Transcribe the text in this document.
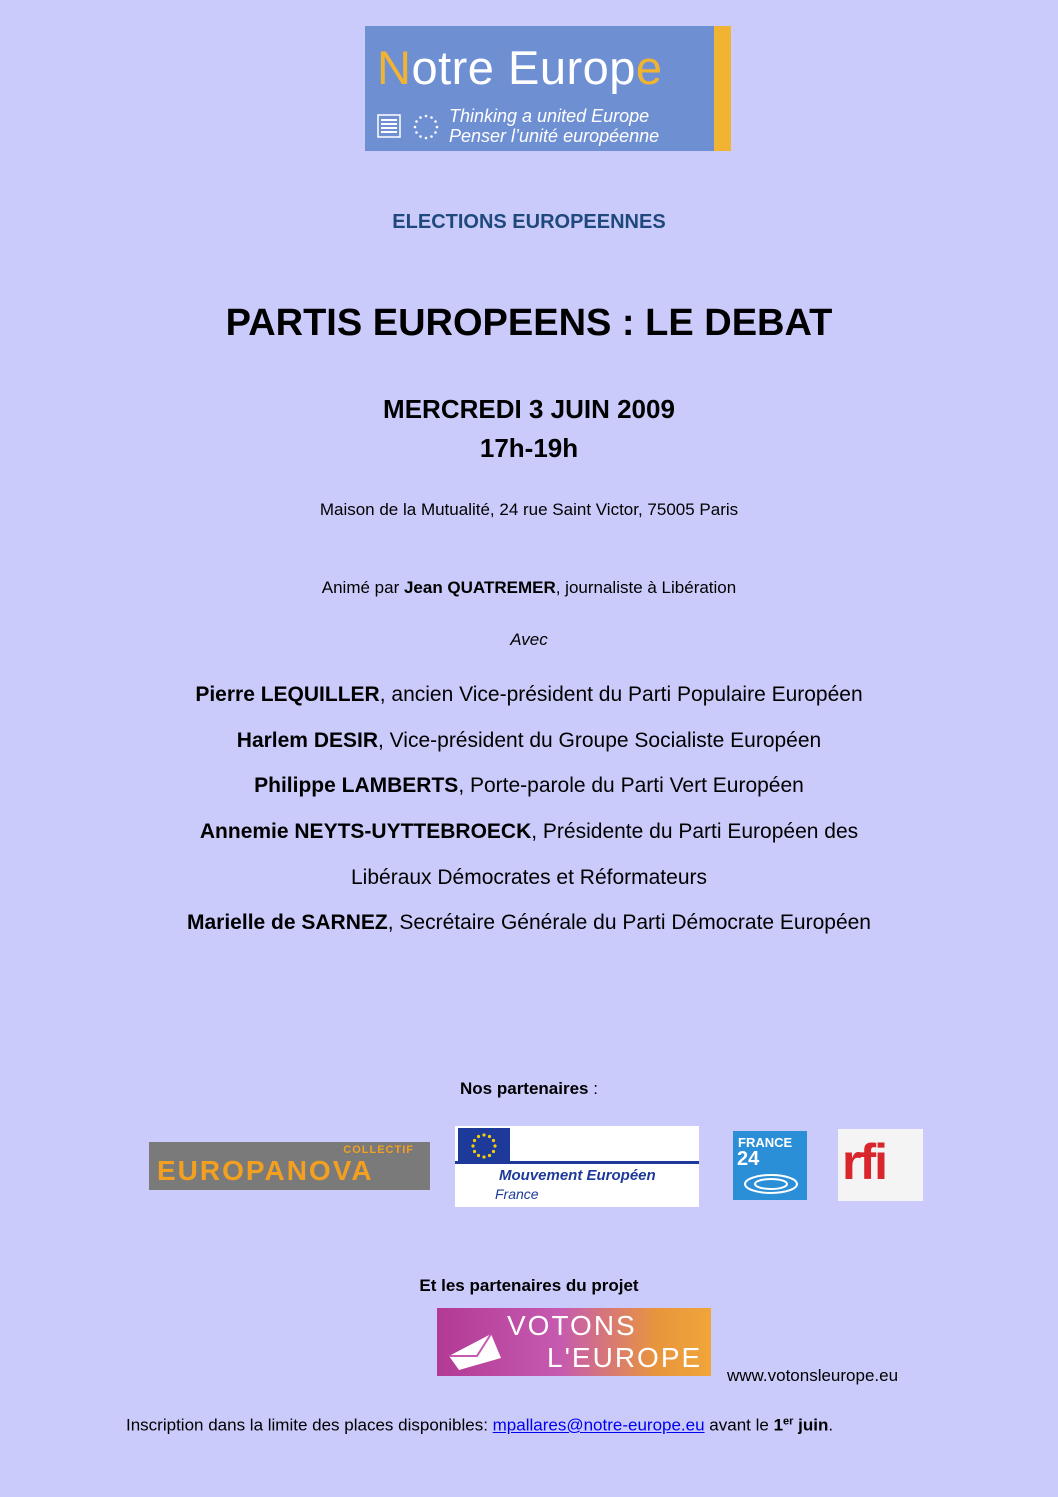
Notre Europe
Thinking a united Europe
Penser l’unité européenne
ELECTIONS EUROPEENNES
PARTIS EUROPEENS : LE DEBAT
MERCREDI 3 JUIN 2009
17h-19h
Maison de la Mutualité, 24 rue Saint Victor, 75005 Paris
Animé par Jean QUATREMER, journaliste à Libération
Avec
Pierre LEQUILLER, ancien Vice-président du Parti Populaire Européen
Harlem DESIR, Vice-président du Groupe Socialiste Européen
Philippe LAMBERTS, Porte-parole du Parti Vert Européen
Annemie NEYTS-UYTTEBROECK, Présidente du Parti Européen des
Libéraux Démocrates et Réformateurs
Marielle de SARNEZ, Secrétaire Générale du Parti Démocrate Européen
Nos partenaires :
COLLECTIF
EUROPANOVA	Mouvement Européen
France
FRANCE
24 rfi
Et les partenaires du projet
VOTONS
L'EUROPE
www.votonsleurope.eu
Inscription dans la limite des places disponibles: mpallares@notre-europe.eu avant le 1er juin.
